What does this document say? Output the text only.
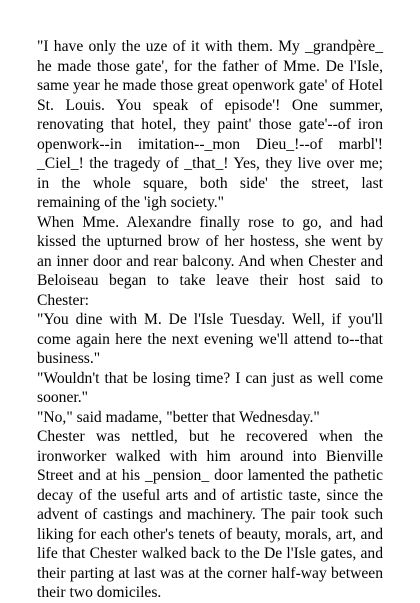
"I have only the uze of it with them. My _grandpère_ he made those gate', for the father of Mme. De l'Isle, same year he made those great openwork gate' of Hotel St. Louis. You speak of episode'! One summer, renovating that hotel, they paint' those gate'--of iron openwork--in imitation--_mon Dieu_!--of marbl'! _Ciel_! the tragedy of _that_! Yes, they live over me; in the whole square, both side' the street, last remaining of the 'igh society."

When Mme. Alexandre finally rose to go, and had kissed the upturned brow of her hostess, she went by an inner door and rear balcony. And when Chester and Beloiseau began to take leave their host said to Chester:

"You dine with M. De l'Isle Tuesday. Well, if you'll come again here the next evening we'll attend to--that business."

"Wouldn't that be losing time? I can just as well come sooner."

"No," said madame, "better that Wednesday."

Chester was nettled, but he recovered when the ironworker walked with him around into Bienville Street and at his _pension_ door lamented the pathetic decay of the useful arts and of artistic taste, since the advent of castings and machinery. The pair took such liking for each other's tenets of beauty, morals, art, and life that Chester walked back to the De l'Isle gates, and their parting at last was at the corner half-way between their two domiciles.
